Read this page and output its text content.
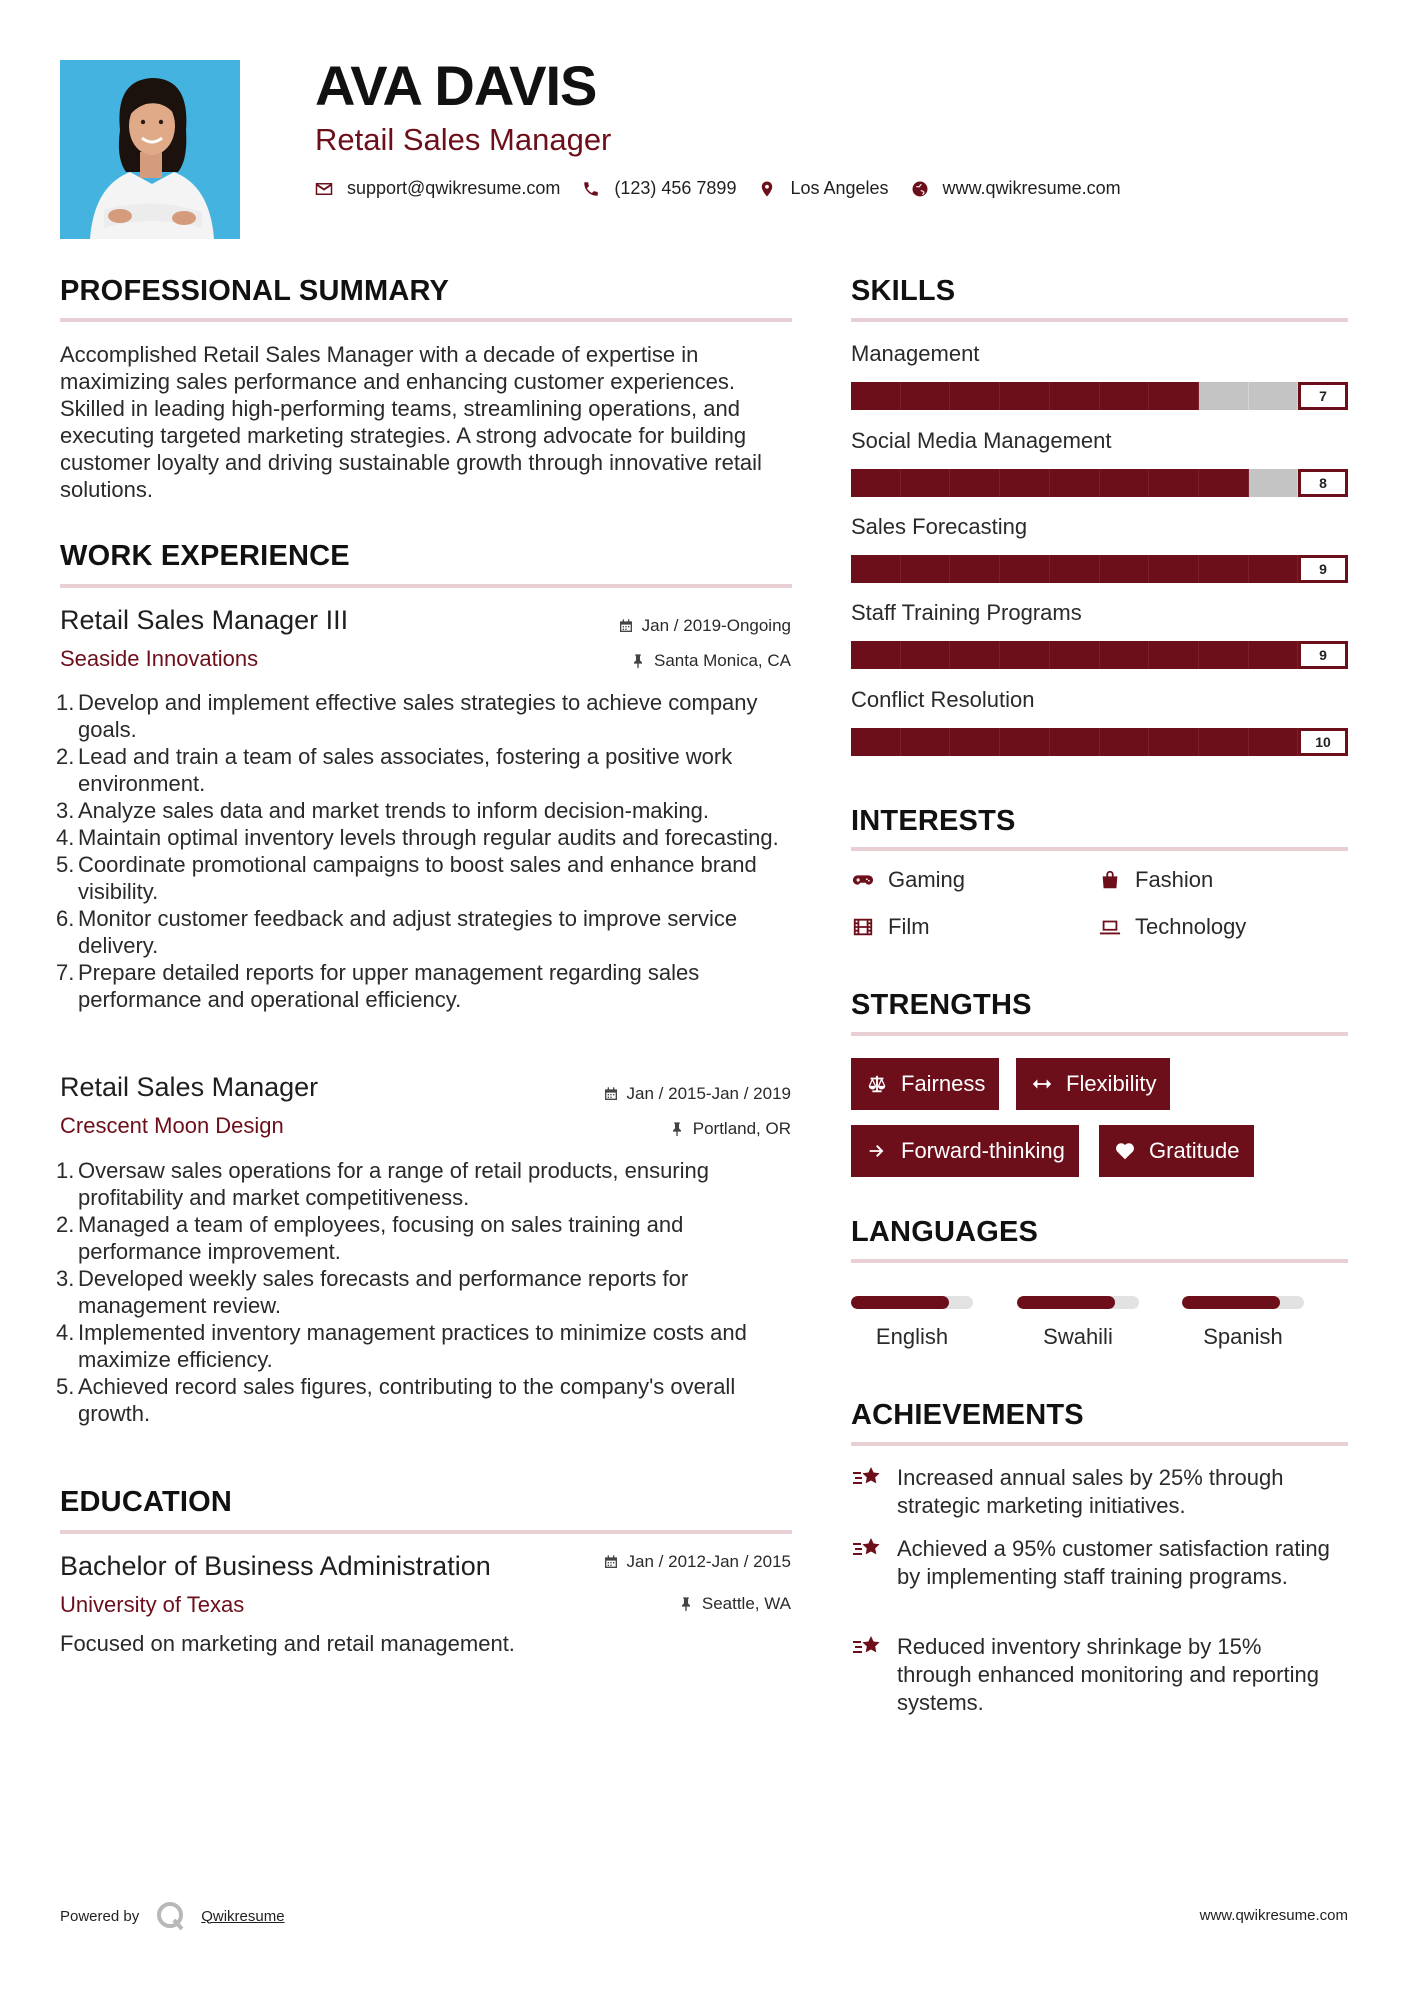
AVA DAVIS
Retail Sales Manager
support@qwikresume.com	(123) 456 7899	Los Angeles	www.qwikresume.com
PROFESSIONAL SUMMARY
Accomplished Retail Sales Manager with a decade of expertise in maximizing sales performance and enhancing customer experiences. Skilled in leading high-performing teams, streamlining operations, and executing targeted marketing strategies. A strong advocate for building customer loyalty and driving sustainable growth through innovative retail solutions.
WORK EXPERIENCE
Retail Sales Manager III
Seaside Innovations
Jan / 2019-Ongoing
Santa Monica, CA
1. Develop and implement effective sales strategies to achieve company goals.
2. Lead and train a team of sales associates, fostering a positive work environment.
3. Analyze sales data and market trends to inform decision-making.
4. Maintain optimal inventory levels through regular audits and forecasting.
5. Coordinate promotional campaigns to boost sales and enhance brand visibility.
6. Monitor customer feedback and adjust strategies to improve service delivery.
7. Prepare detailed reports for upper management regarding sales performance and operational efficiency.
Retail Sales Manager
Crescent Moon Design
Jan / 2015-Jan / 2019
Portland, OR
1. Oversaw sales operations for a range of retail products, ensuring profitability and market competitiveness.
2. Managed a team of employees, focusing on sales training and performance improvement.
3. Developed weekly sales forecasts and performance reports for management review.
4. Implemented inventory management practices to minimize costs and maximize efficiency.
5. Achieved record sales figures, contributing to the company's overall growth.
EDUCATION
Bachelor of Business Administration
University of Texas
Jan / 2012-Jan / 2015
Seattle, WA
Focused on marketing and retail management.
SKILLS
Management
7
Social Media Management
8
Sales Forecasting
9
Staff Training Programs
9
Conflict Resolution
10
INTERESTS
Gaming	Fashion
Film	Technology
STRENGTHS
Fairness	Flexibility
Forward-thinking	Gratitude
LANGUAGES
English	Swahili	Spanish
ACHIEVEMENTS
Increased annual sales by 25% through strategic marketing initiatives.
Achieved a 95% customer satisfaction rating by implementing staff training programs.
Reduced inventory shrinkage by 15% through enhanced monitoring and reporting systems.
Powered by	Qwikresume	www.qwikresume.com
